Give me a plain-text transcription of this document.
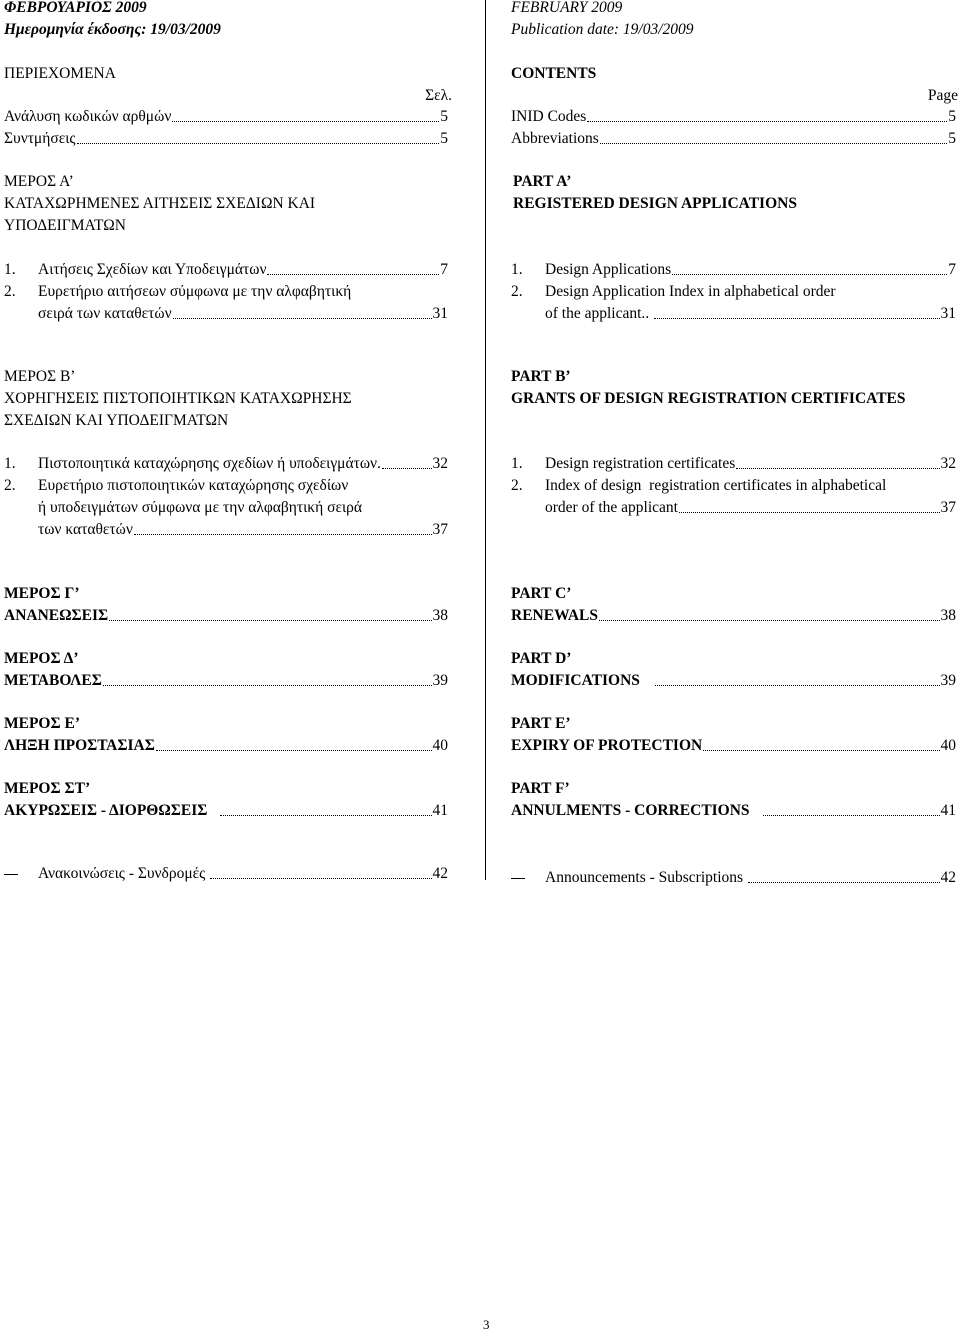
ΦΕΒΡΟΥΑΡΙΟΣ 2009
Ημερομηνία έκδοσης: 19/03/2009
FEBRUARY 2009
Publication date: 19/03/2009
ΠΕΡΙΕΧΟΜΕΝΑ
Σελ.
Ανάλυση κωδικών αρθμών	5
Συντμήσεις	5
ΜΕΡΟΣ Α’
ΚΑΤΑΧΩΡΗΜΕΝΕΣ ΑΙΤΗΣΕΙΣ ΣΧΕΔΙΩΝ ΚΑΙ
ΥΠΟΔΕΙΓΜΑΤΩΝ
1. Αιτήσεις Σχεδίων και Υποδειγμάτων	7
2. Ευρετήριο αιτήσεων σύμφωνα με την αλφαβητική
σειρά των καταθετών	31
ΜΕΡΟΣ Β’
ΧΟΡΗΓΗΣΕΙΣ ΠΙΣΤΟΠΟΙΗΤΙΚΩΝ ΚΑΤΑΧΩΡΗΣΗΣ
ΣΧΕΔΙΩΝ ΚΑΙ ΥΠΟΔΕΙΓΜΑΤΩΝ
1. Πιστοποιητικά καταχώρησης σχεδίων ή υποδειγμάτων.	32
2. Ευρετήριο πιστοποιητικών καταχώρησης σχεδίων
ή υποδειγμάτων σύμφωνα με την αλφαβητική σειρά
των καταθετών	37
ΜΕΡΟΣ Γ’
ΑΝΑΝΕΩΣΕΙΣ	38
ΜΕΡΟΣ Δ’
ΜΕΤΑΒΟΛΕΣ	39
ΜΕΡΟΣ Ε’
ΛΗΞΗ ΠΡΟΣΤΑΣΙΑΣ	40
ΜΕΡΟΣ ΣΤ’
ΑΚΥΡΩΣΕΙΣ - ΔΙΟΡΘΩΣΕΙΣ	41
Ανακοινώσεις - Συνδρομές	42
CONTENTS
Page
INID Codes	5
Abbreviations	5
PART A’
REGISTERED DESIGN APPLICATIONS
1. Design Applications	7
2. Design Application Index in alphabetical order
of the applicant..	31
PART B’
GRANTS OF DESIGN REGISTRATION CERTIFICATES
1. Design registration certificates	32
2. Index of design  registration certificates in alphabetical
order of the applicant	37
PART C’
RENEWALS	38
PART D’
MODIFICATIONS	39
PART E’
EXPIRY OF PROTECTION	40
PART F’
ANNULMENTS - CORRECTIONS	41
Announcements - Subscriptions	42
3
